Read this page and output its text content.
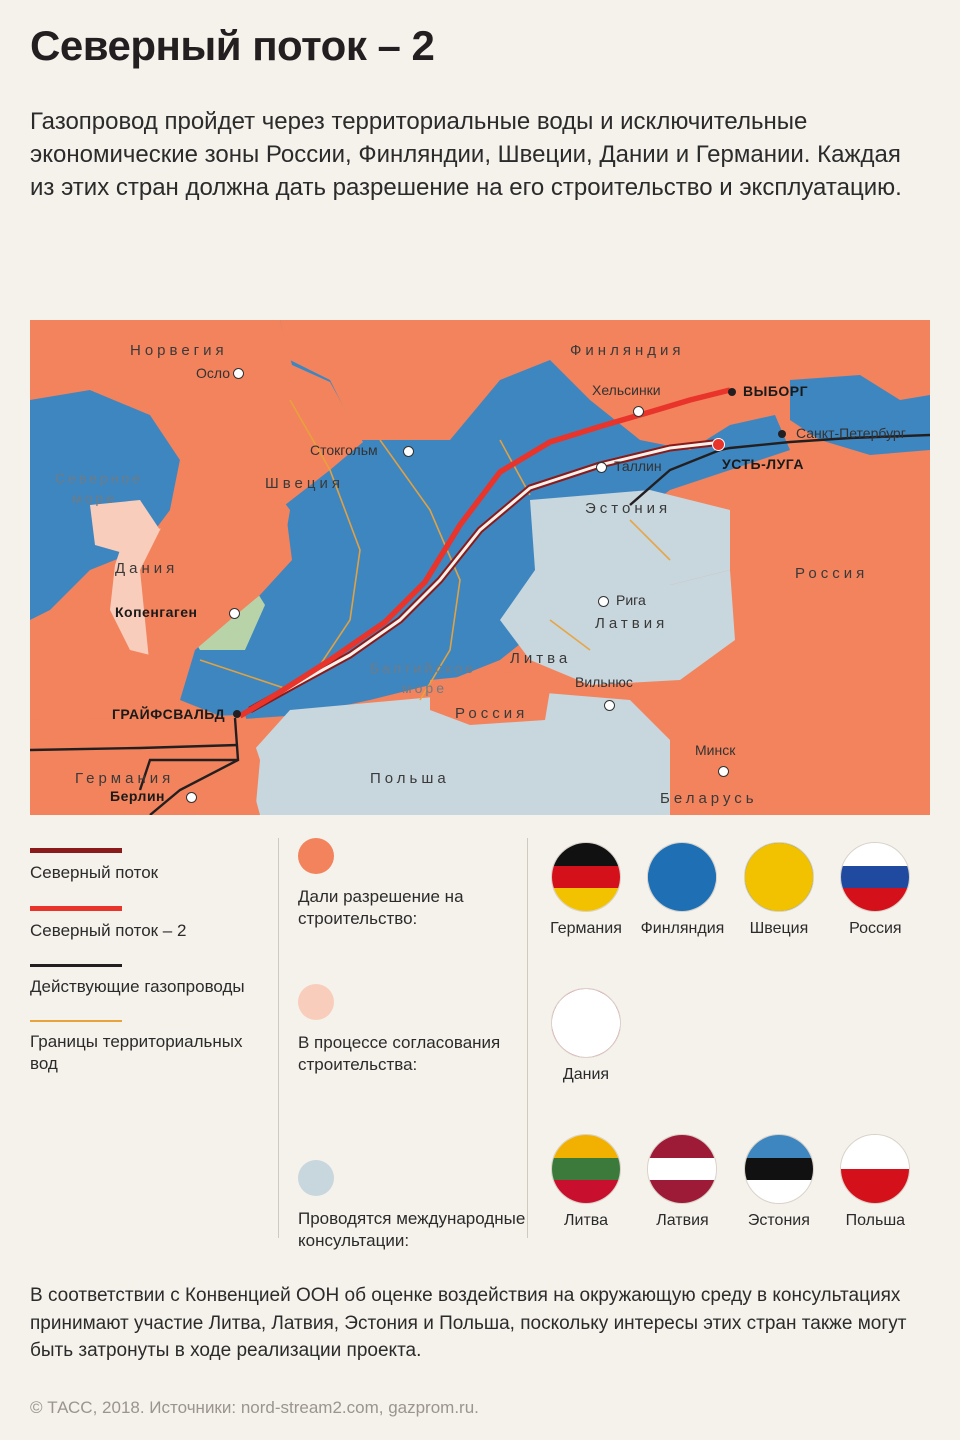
Северный поток – 2
Газопровод пройдет через территориальные воды и исключительные экономические зоны России, Финляндии, Швеции, Дании и Германии. Каждая из этих стран должна дать разрешение на его строительство и эксплуатацию.
Норвегия	Финляндия
Швеция
Эстония
Дания
Латвия
Литва
Россия
Россия
Польша
Германия
Беларусь
Северное
море
Балтийское
море
Осло
Хельсинки	ВЫБОРГ
Санкт-Петербург
Стокгольм
Таллин	УСТЬ-ЛУГА
Рига
Вильнюс
Копенгаген
Минск
ГРАЙФСВАЛЬД
Берлин
Северный поток
Северный поток – 2
Действующие газопроводы
Границы территориальных вод
Дали разрешение на строительство:
В процессе согласования строительства:
Проводятся международные консультации:
Германия
	Финляндия
	Швеция
	Россия
Дания
Литва
	Латвия
	Эстония
	Польша
В соответствии с Конвенцией ООН об оценке воздействия на окружающую среду в консультациях принимают участие Литва, Латвия, Эстония и Польша, поскольку интересы этих стран также могут быть затронуты в ходе реализации проекта.
© ТАСС, 2018. Источники: nord-stream2.com, gazprom.ru.
